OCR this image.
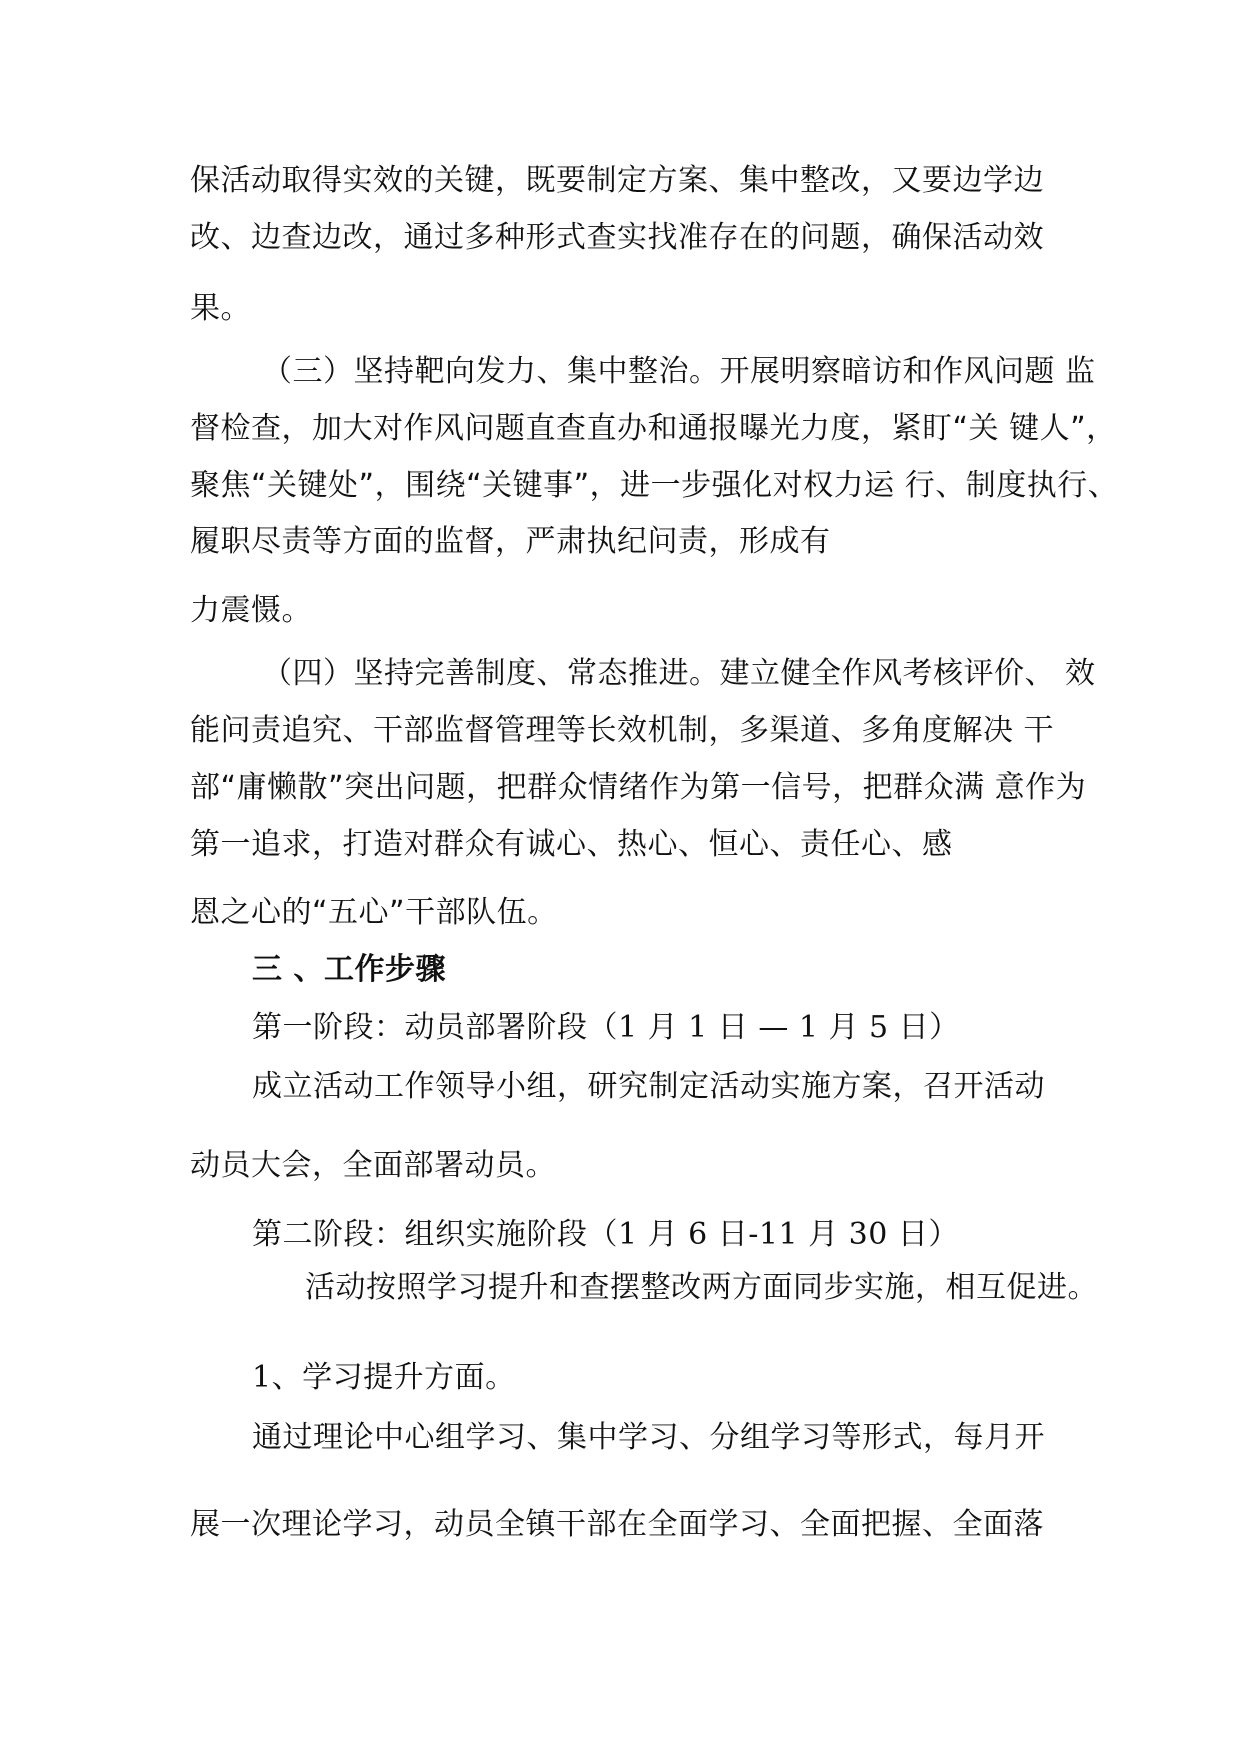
保活动取得实效的关键，既要制定方案、集中整改，又要边学边
改、边查边改，通过多种形式查实找准存在的问题，确保活动效
果。
（三）坚持靶向发力、集中整治。开展明察暗访和作风问题 监
督检查，加大对作风问题直查直办和通报曝光力度，紧盯“关 键人”，
聚焦“关键处”，围绕“关键事”，进一步强化对权力运 行、制度执行、
履职尽责等方面的监督，严肃执纪问责，形成有
力震慑。
（四）坚持完善制度、常态推进。建立健全作风考核评价、 效
能问责追究、干部监督管理等长效机制，多渠道、多角度解决 干
部“庸懒散”突出问题，把群众情绪作为第一信号，把群众满 意作为
第一追求，打造对群众有诚心、热心、恒心、责任心、感
恩之心的“五心”干部队伍。
三 、工作步骤
第一阶段：动员部署阶段（1 月 1 日 — 1 月 5 日）
成立活动工作领导小组，研究制定活动实施方案，召开活动
动员大会，全面部署动员。
第二阶段：组织实施阶段（1 月 6 日-11 月 30 日）
活动按照学习提升和查摆整改两方面同步实施，相互促进。
1、学习提升方面。
通过理论中心组学习、集中学习、分组学习等形式，每月开
展一次理论学习，动员全镇干部在全面学习、全面把握、全面落
